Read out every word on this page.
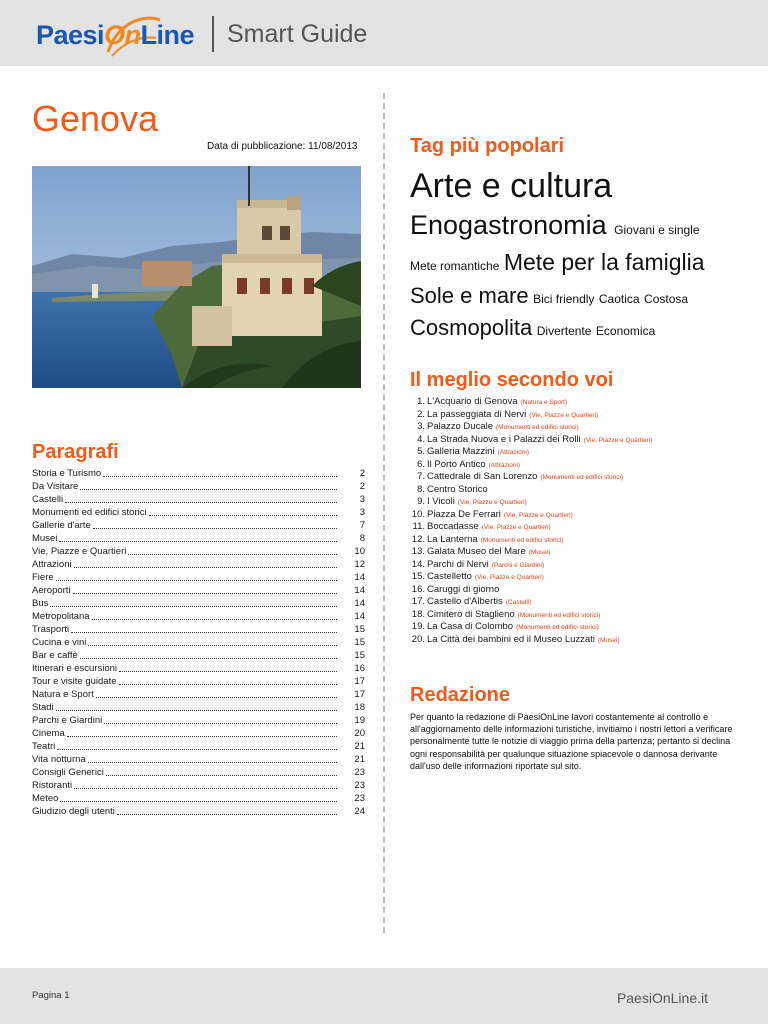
PaesiOnLine Smart Guide
Genova
Data di pubblicazione: 11/08/2013
Paragrafi
Storia e Turismo	2
Da Visitare	2
Castelli	3
Monumenti ed edifici storici	3
Gallerie d'arte	7
Musei	8
Vie, Piazze e Quartieri	10
Attrazioni	12
Fiere	14
Aeroporti	14
Bus	14
Metropolitana	14
Trasporti	15
Cucina e vini	15
Bar e caffè	15
Itinerari e escursioni	16
Tour e visite guidate	17
Natura e Sport	17
Stadi	18
Parchi e Giardini	19
Cinema	20
Teatri	21
Vita notturna	21
Consigli Generici	23
Ristoranti	23
Meteo	23
Giudizio degli utenti	24
Tag più popolari
Arte e cultura
Enogastronomia Giovani e single
Mete romantiche Mete per la famiglia
Sole e mare Bici friendly Caotica Costosa
Cosmopolita Divertente Economica
Il meglio secondo voi
1. L'Acquario di Genova (Natura e Sport)
2. La passeggiata di Nervi (Vie, Piazze e Quartieri)
3. Palazzo Ducale (Monumenti ed edifici storici)
4. La Strada Nuova e i Palazzi dei Rolli (Vie, Piazze e Quartieri)
5. Galleria Mazzini (Attrazioni)
6. Il Porto Antico (Attrazioni)
7. Cattedrale di San Lorenzo (Monumenti ed edifici storici)
8. Centro Storico
9. I Vicoli (Vie, Piazze e Quartieri)
10. Piazza De Ferrari (Vie, Piazze e Quartieri)
11. Boccadasse (Vie, Piazze e Quartieri)
12. La Lanterna (Monumenti ed edifici storici)
13. Galata Museo del Mare (Musei)
14. Parchi di Nervi (Parchi e Giardini)
15. Castelletto (Vie, Piazze e Quartieri)
16. Caruggi di giorno
17. Castello d'Albertis (Castelli)
18. Cimitero di Staglieno (Monumenti ed edifici storici)
19. La Casa di Colombo (Monumenti ed edifici storici)
20. La Città dei bambini ed il Museo Luzzati (Musei)
Redazione

Per quanto la redazione di PaesiOnLine lavori costantemente al controllo e all'aggiornamento delle informazioni turistiche, invitiamo i nostri lettori a verificare personalmente tutte le notizie di viaggio prima della partenza; pertanto si declina ogni responsabilità per qualunque situazione spiacevole o dannosa derivante dall'uso delle informazioni riportate sul sito.

Pagina 1	PaesiOnLine.it
